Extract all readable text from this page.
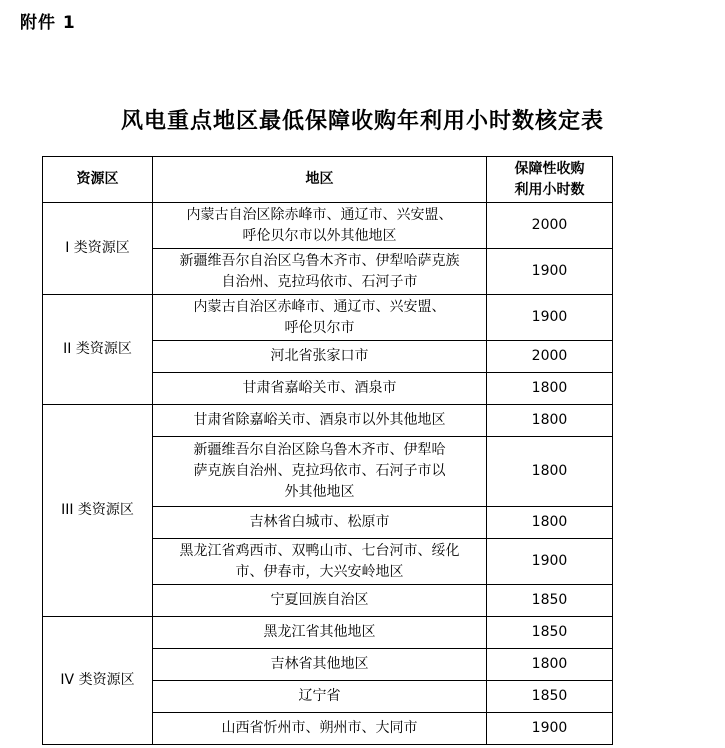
附件 1
风电重点地区最低保障收购年利用小时数核定表
资源区	地区	保障性收购
利用小时数

I 类资源区	内蒙古自治区除赤峰市、通辽市、兴安盟、
呼伦贝尔市以外其他地区	2000

	新疆维吾尔自治区乌鲁木齐市、伊犁哈萨克族
自治州、克拉玛依市、石河子市	1900
II 类资源区	内蒙古自治区赤峰市、通辽市、兴安盟、
呼伦贝尔市	1900

	河北省张家口市	2000

	甘肃省嘉峪关市、酒泉市	1800
III 类资源区	甘肃省除嘉峪关市、酒泉市以外其他地区	1800

	新疆维吾尔自治区除乌鲁木齐市、伊犁哈
萨克族自治州、克拉玛依市、石河子市以
外其他地区	1800

	吉林省白城市、松原市	1800

	黑龙江省鸡西市、双鸭山市、七台河市、绥化
市、伊春市，大兴安岭地区	1900

	宁夏回族自治区	1850
IV 类资源区	黑龙江省其他地区	1850

	吉林省其他地区	1800

	辽宁省	1850

	山西省忻州市、朔州市、大同市	1900
